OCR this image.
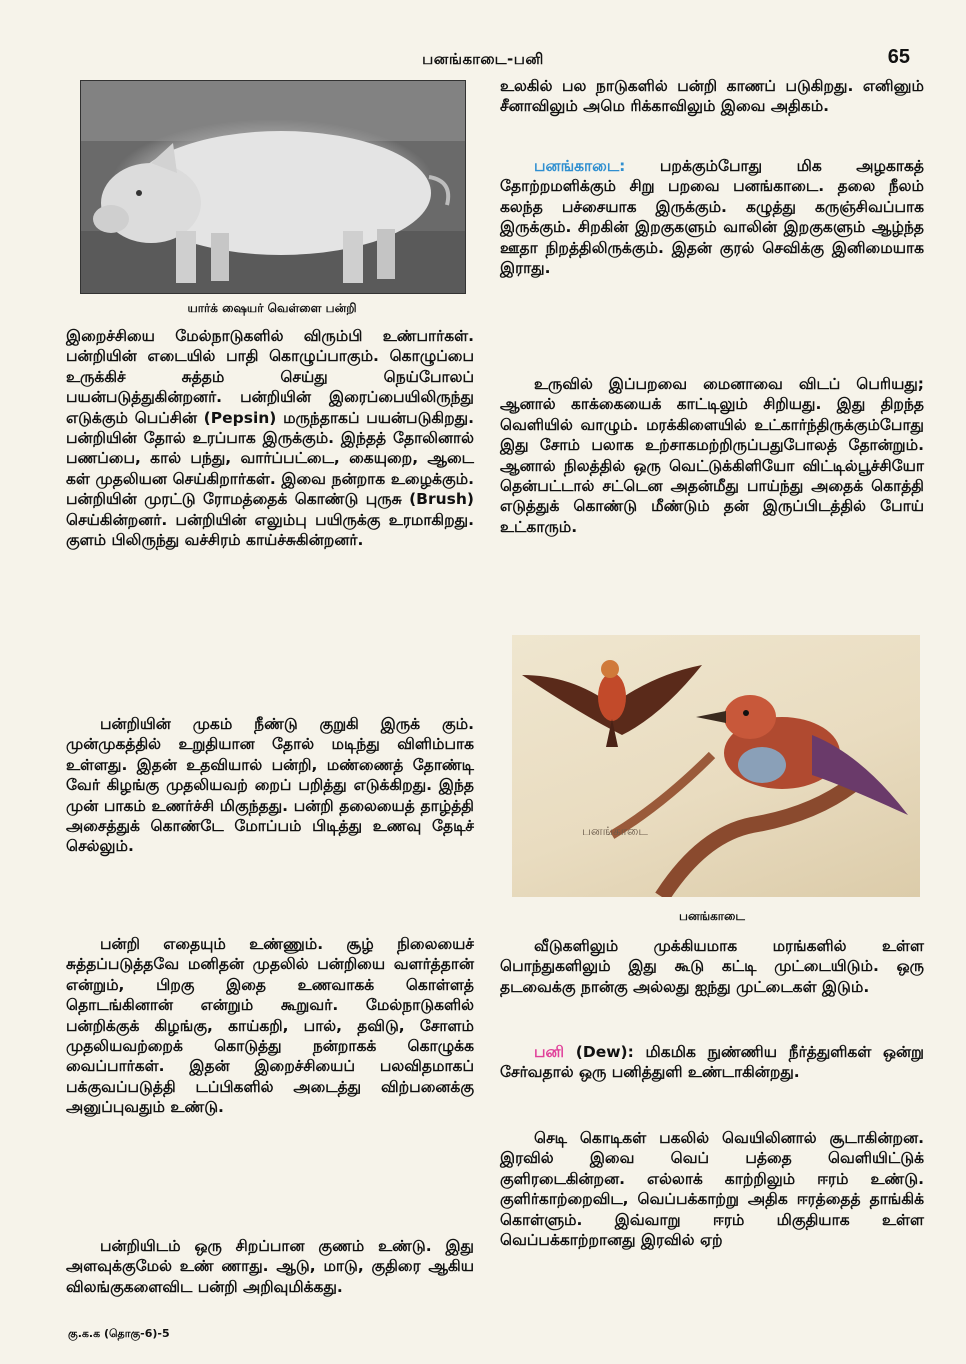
பனங்காடை-பனி	65
யார்க் ஷையர் வெள்ளை பன்றி

இறைச்சியை மேல்நாடுகளில் விரும்பி உண்பார்கள். பன்றியின் எடையில் பாதி கொழுப்பாகும். கொழுப்பை உருக்கிச் சுத்தம் செய்து நெய்போலப் பயன்படுத்துகின்றனர். பன்றியின் இரைப்பையிலிருந்து எடுக்கும் பெப்சின் (Pepsin) மருந்தாகப் பயன்படுகிறது. பன்றியின் தோல் உரப்பாக இருக்கும். இந்தத் தோலினால் பணப்பை, கால் பந்து, வார்ப்பட்டை, கையுறை, ஆடை கள் முதலியன செய்கிறார்கள். இவை நன்றாக உழைக்கும். பன்றியின் முரட்டு ரோமத்தைக் கொண்டு புருசு (Brush) செய்கின்றனர். பன்றியின் எலும்பு பயிருக்கு உரமாகிறது. குளம் பிலிருந்து வச்சிரம் காய்ச்சுகின்றனர்.

பன்றியின் முகம் நீண்டு குறுகி இருக் கும். முன்முகத்தில் உறுதியான தோல் மடிந்து விளிம்பாக உள்ளது. இதன் உதவியால் பன்றி, மண்ணைத் தோண்டி வேர் கிழங்கு முதலியவற் றைப் பறித்து எடுக்கிறது. இந்த முன் பாகம் உணர்ச்சி மிகுந்தது. பன்றி தலையைத் தாழ்த்தி அசைத்துக் கொண்டே மோப்பம் பிடித்து உணவு தேடிச் செல்லும்.

பன்றி எதையும் உண்ணும். சூழ் நிலையைச் சுத்தப்படுத்தவே மனிதன் முதலில் பன்றியை வளர்த்தான் என்றும், பிறகு இதை உணவாகக் கொள்ளத் தொடங்கினான் என்றும் கூறுவர். மேல்நாடுகளில் பன்றிக்குக் கிழங்கு, காய்கறி, பால், தவிடு, சோளம் முதலியவற்றைக் கொடுத்து நன்றாகக் கொழுக்க வைப்பார்கள். இதன் இறைச்சியைப் பலவிதமாகப் பக்குவப்படுத்தி டப்பிகளில் அடைத்து விற்பனைக்கு அனுப்புவதும் உண்டு.

பன்றியிடம் ஒரு சிறப்பான குணம் உண்டு. இது அளவுக்குமேல் உண் ணாது. ஆடு, மாடு, குதிரை ஆகிய விலங்குகளைவிட பன்றி அறிவுமிக்கது.

உலகில் பல நாடுகளில் பன்றி காணப் படுகிறது. எனினும் சீனாவிலும் அமெ ரிக்காவிலும் இவை அதிகம்.

பனங்காடை: பறக்கும்போது மிக அழகாகத் தோற்றமளிக்கும் சிறு பறவை பனங்காடை. தலை நீலம் கலந்த பச்சையாக இருக்கும். கழுத்து கருஞ்சிவப்பாக இருக்கும். சிறகின் இறகுகளும் வாலின் இறகுகளும் ஆழ்ந்த ஊதா நிறத்திலிருக்கும். இதன் குரல் செவிக்கு இனிமையாக இராது.

உருவில் இப்பறவை மைனாவை விடப் பெரியது; ஆனால் காக்கையைக் காட்டிலும் சிறியது. இது திறந்த வெளியில் வாழும். மரக்கிளையில் உட்கார்ந்திருக்கும்போது இது சோம் பலாக உற்சாகமற்றிருப்பதுபோலத் தோன்றும். ஆனால் நிலத்தில் ஒரு வெட்டுக்கிளியோ விட்டில்பூச்சியோ தென்பட்டால் சட்டென அதன்மீது பாய்ந்து அதைக் கொத்தி எடுத்துக் கொண்டு மீண்டும் தன் இருப்பிடத்தில் போய் உட்காரும்.

பனங்காடை
பனங்காடை

வீடுகளிலும் முக்கியமாக மரங்களில் உள்ள பொந்துகளிலும் இது கூடு கட்டி முட்டையிடும். ஒரு தடவைக்கு நான்கு அல்லது ஐந்து முட்டைகள் இடும்.

பனி (Dew): மிகமிக நுண்ணிய நீர்த்துளிகள் ஒன்று சேர்வதால் ஒரு பனித்துளி உண்டாகின்றது.

செடி கொடிகள் பகலில் வெயிலினால் சூடாகின்றன. இரவில் இவை வெப் பத்தை வெளியிட்டுக் குளிரடைகின்றன. எல்லாக் காற்றிலும் ஈரம் உண்டு. குளிர்காற்றைவிட, வெப்பக்காற்று அதிக ஈரத்தைத் தாங்கிக் கொள்ளும். இவ்வாறு ஈரம் மிகுதியாக உள்ள வெப்பக்காற்றானது இரவில் ஏற்

கு.க.க (தொகு-6)-5
